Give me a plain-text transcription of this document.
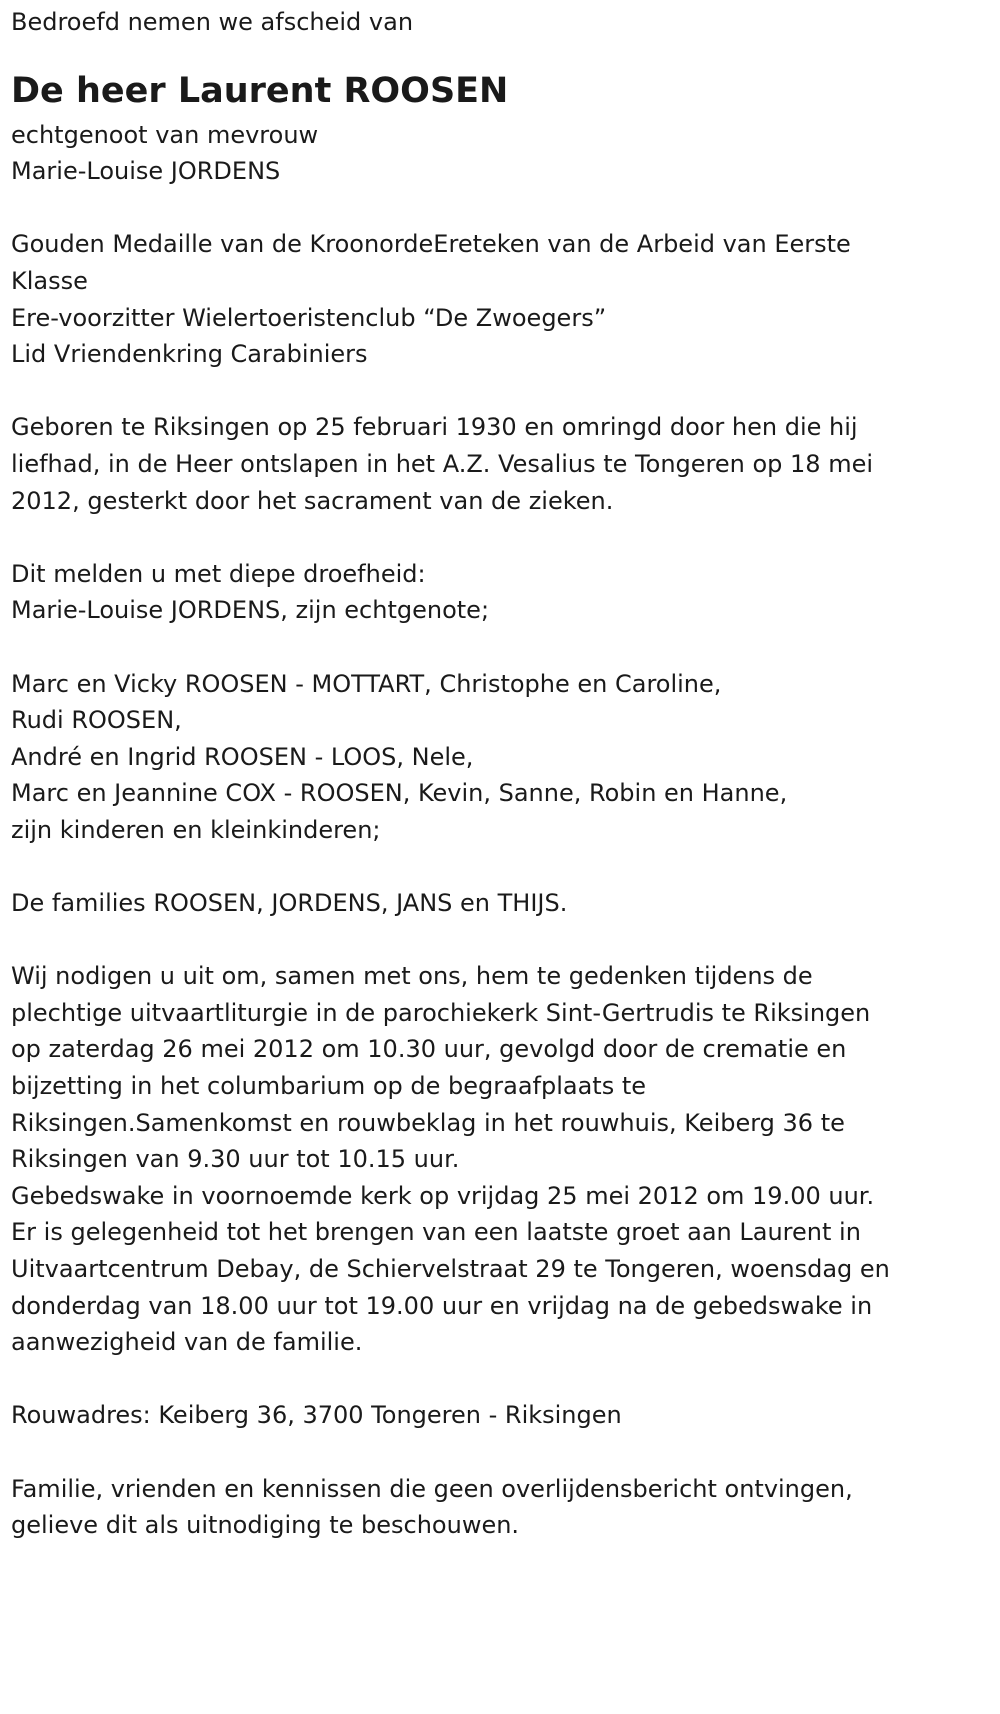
Bedroefd nemen we afscheid van

De heer Laurent ROOSEN

echtgenoot van mevrouw

Marie-Louise JORDENS

Gouden Medaille van de KroonordeEreteken van de Arbeid van Eerste

Klasse

Ere-voorzitter Wielertoeristenclub “De Zwoegers”

Lid Vriendenkring Carabiniers

Geboren te Riksingen op 25 februari 1930 en omringd door hen die hij

liefhad, in de Heer ontslapen in het A.Z. Vesalius te Tongeren op 18 mei

2012, gesterkt door het sacrament van de zieken.

Dit melden u met diepe droefheid:

Marie-Louise JORDENS, zijn echtgenote;

Marc en Vicky ROOSEN - MOTTART, Christophe en Caroline,

Rudi ROOSEN,

André en Ingrid ROOSEN - LOOS, Nele,

Marc en Jeannine COX - ROOSEN, Kevin, Sanne, Robin en Hanne,

zijn kinderen en kleinkinderen;

De families ROOSEN, JORDENS, JANS en THIJS.

Wij nodigen u uit om, samen met ons, hem te gedenken tijdens de

plechtige uitvaartliturgie in de parochiekerk Sint-Gertrudis te Riksingen

op zaterdag 26 mei 2012 om 10.30 uur, gevolgd door de crematie en

bijzetting in het columbarium op de begraafplaats te

Riksingen.Samenkomst en rouwbeklag in het rouwhuis, Keiberg 36 te

Riksingen van 9.30 uur tot 10.15 uur.

Gebedswake in voornoemde kerk op vrijdag 25 mei 2012 om 19.00 uur.

Er is gelegenheid tot het brengen van een laatste groet aan Laurent in

Uitvaartcentrum Debay, de Schiervelstraat 29 te Tongeren, woensdag en

donderdag van 18.00 uur tot 19.00 uur en vrijdag na de gebedswake in

aanwezigheid van de familie.

Rouwadres: Keiberg 36, 3700 Tongeren - Riksingen

Familie, vrienden en kennissen die geen overlijdensbericht ontvingen,

gelieve dit als uitnodiging te beschouwen.
